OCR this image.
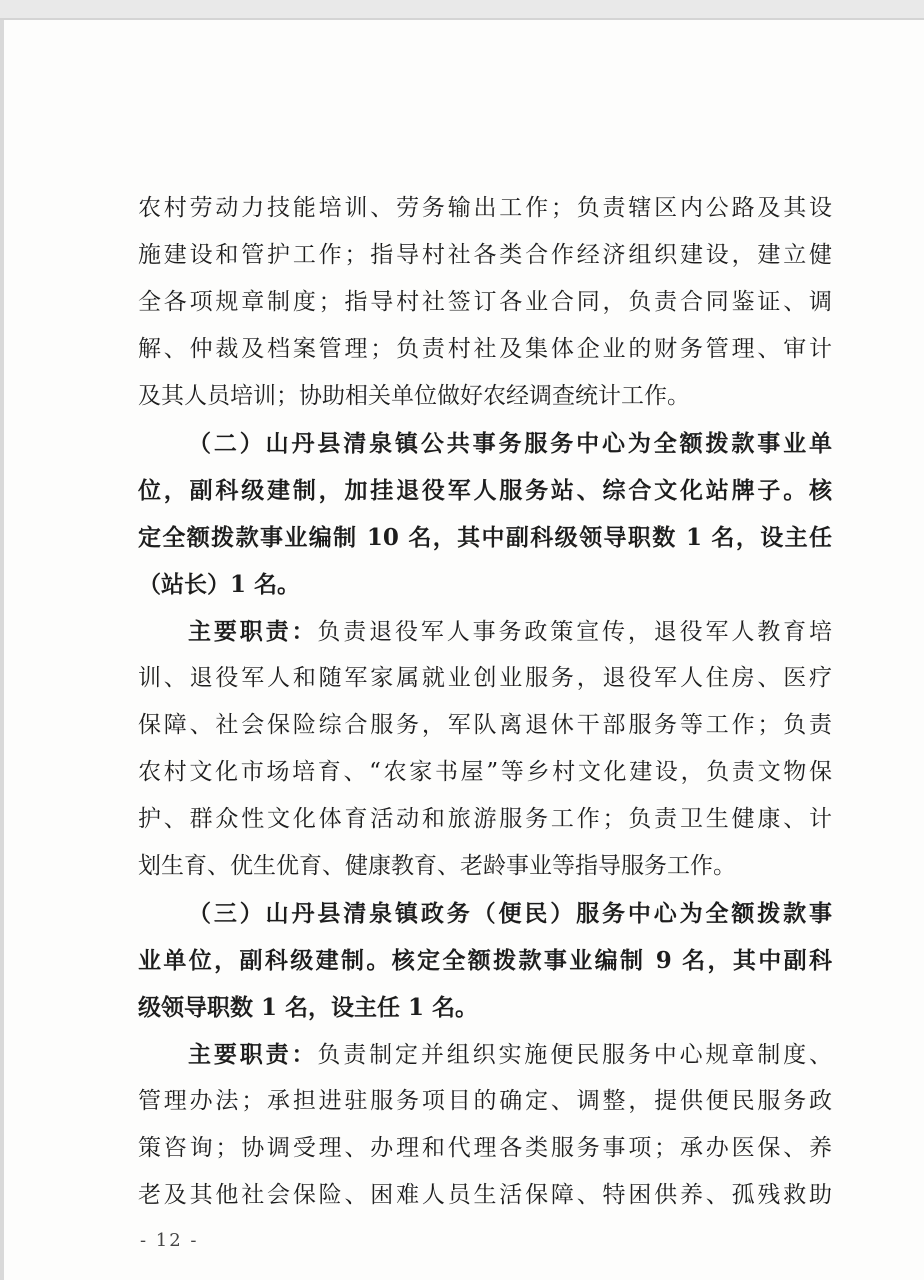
农村劳动力技能培训、劳务输出工作；负责辖区内公路及其设
施建设和管护工作；指导村社各类合作经济组织建设，建立健
全各项规章制度；指导村社签订各业合同，负责合同鉴证、调
解、仲裁及档案管理；负责村社及集体企业的财务管理、审计
及其人员培训；协助相关单位做好农经调查统计工作。
（二）山丹县清泉镇公共事务服务中心为全额拨款事业单
位，副科级建制，加挂退役军人服务站、综合文化站牌子。核
定全额拨款事业编制 10 名，其中副科级领导职数 1 名，设主任
（站长）1 名。
主要职责：负责退役军人事务政策宣传，退役军人教育培
训、退役军人和随军家属就业创业服务，退役军人住房、医疗
保障、社会保险综合服务，军队离退休干部服务等工作；负责
农村文化市场培育、“农家书屋”等乡村文化建设，负责文物保
护、群众性文化体育活动和旅游服务工作；负责卫生健康、计
划生育、优生优育、健康教育、老龄事业等指导服务工作。
（三）山丹县清泉镇政务（便民）服务中心为全额拨款事
业单位，副科级建制。核定全额拨款事业编制 9 名，其中副科
级领导职数 1 名，设主任 1 名。
主要职责：负责制定并组织实施便民服务中心规章制度、
管理办法；承担进驻服务项目的确定、调整，提供便民服务政
策咨询；协调受理、办理和代理各类服务事项；承办医保、养
老及其他社会保险、困难人员生活保障、特困供养、孤残救助
- 12 -
